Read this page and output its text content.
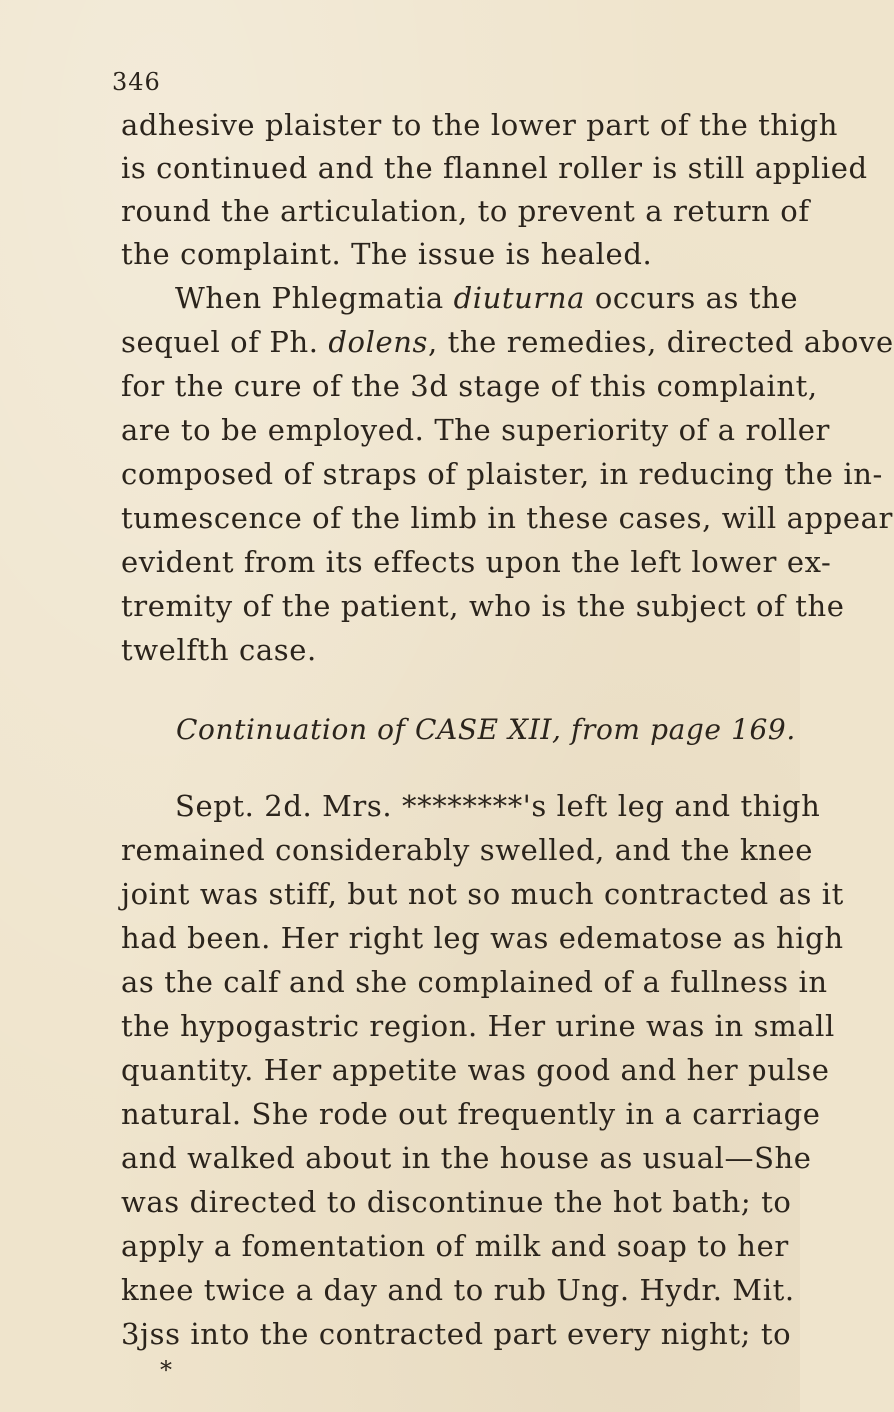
346
adhesive plaister to the lower part of the thigh
is continued and the flannel roller is still applied
round the articulation, to prevent a return of
the complaint. The issue is healed.
When Phlegmatia diuturna occurs as the
sequel of Ph. dolens, the remedies, directed above
for the cure of the 3d stage of this complaint,
are to be employed. The superiority of a roller
composed of straps of plaister, in reducing the in-
tumescence of the limb in these cases, will appear
evident from its effects upon the left lower ex-
tremity of the patient, who is the subject of the
twelfth case.
Continuation of CASE XII, from page 169.
Sept. 2d. Mrs. ********'s left leg and thigh
remained considerably swelled, and the knee
joint was stiff, but not so much contracted as it
had been. Her right leg was edematose as high
as the calf and she complained of a fullness in
the hypogastric region. Her urine was in small
quantity. Her appetite was good and her pulse
natural. She rode out frequently in a carriage
and walked about in the house as usual—She
was directed to discontinue the hot bath; to
apply a fomentation of milk and soap to her
knee twice a day and to rub Ung. Hydr. Mit.
3jss into the contracted part every night; to
*
